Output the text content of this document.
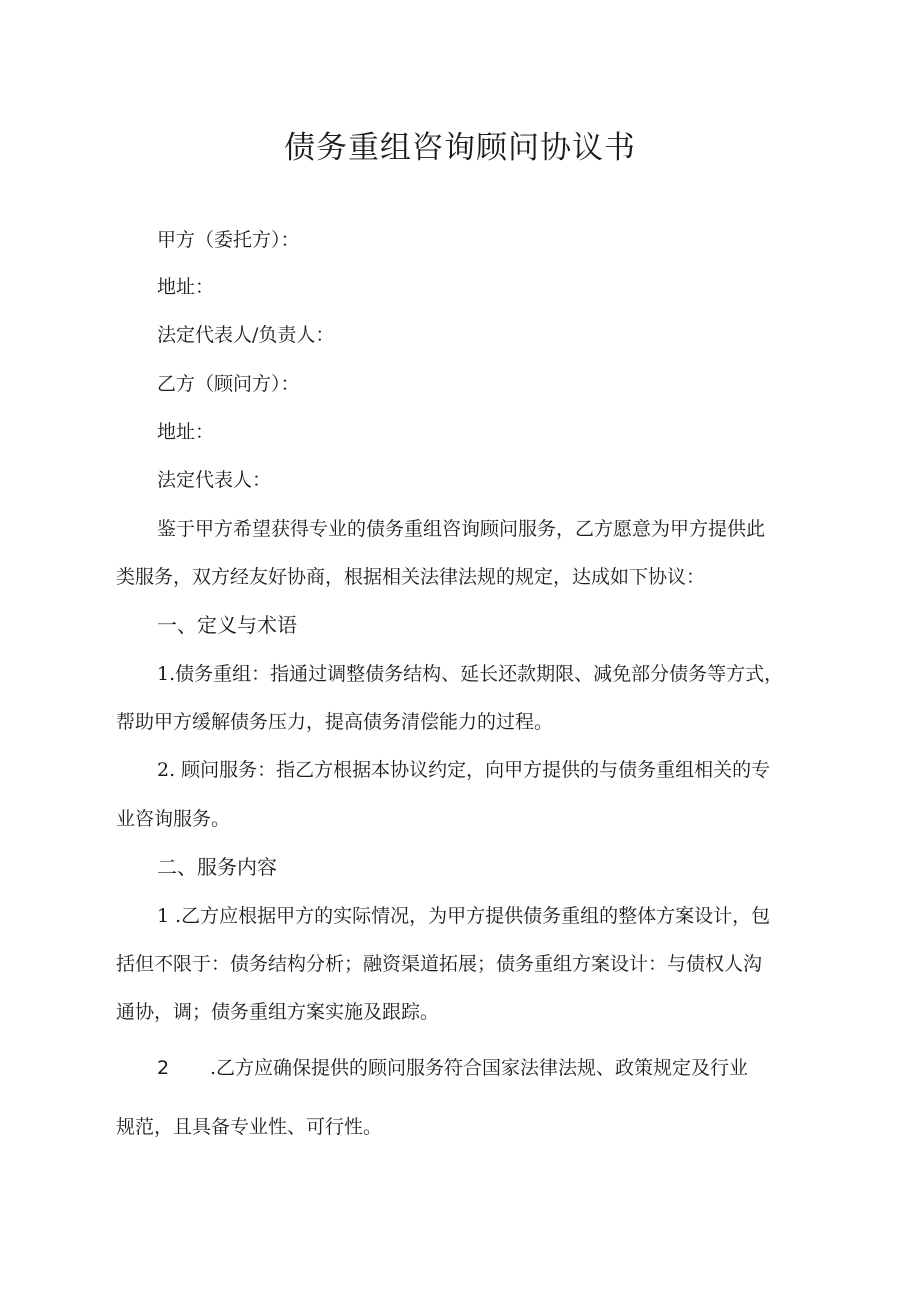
债务重组咨询顾问协议书

甲方（委托方）：

地址：

法定代表人/负责人：

乙方（顾问方）：

地址：

法定代表人：

鉴于甲方希望获得专业的债务重组咨询顾问服务，乙方愿意为甲方提供此

类服务，双方经友好协商，根据相关法律法规的规定，达成如下协议：

一、定义与术语

1.债务重组：指通过调整债务结构、延长还款期限、减免部分债务等方式，

帮助甲方缓解债务压力，提高债务清偿能力的过程。

2. 顾问服务：指乙方根据本协议约定，向甲方提供的与债务重组相关的专

业咨询服务。

二、服务内容

1 .乙方应根据甲方的实际情况，为甲方提供债务重组的整体方案设计，包

括但不限于：债务结构分析；融资渠道拓展；债务重组方案设计：与债权人沟

通协，调；债务重组方案实施及跟踪。

2 .乙方应确保提供的顾问服务符合国家法律法规、政策规定及行业

规范，且具备专业性、可行性。
